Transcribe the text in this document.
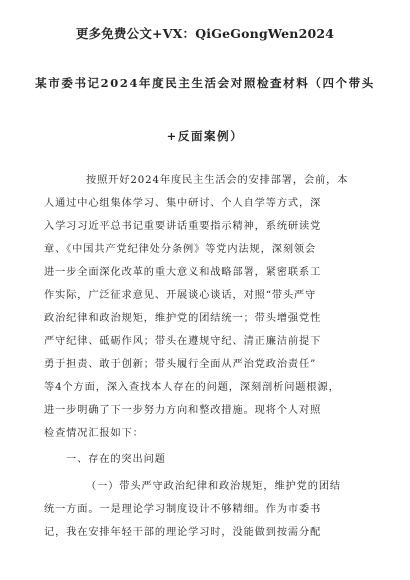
更多免费公文+VX：QiGeGongWen2024
某市委书记2024年度民主生活会对照检查材料（四个带头
+反面案例）
按照开好2024年度民主生活会的安排部署，会前，本
人通过中心组集体学习、集中研讨、个人自学等方式，深
入学习习近平总书记重要讲话重要指示精神，系统研读党
章、《中国共产党纪律处分条例》等党内法规，深刻领会
进一步全面深化改革的重大意义和战略部署，紧密联系工
作实际，广泛征求意见、开展谈心谈话，对照“带头严守
政治纪律和政治规矩，维护党的团结统一；带头增强党性
严守纪律、砥砺作风；带头在遵规守纪、清正廉洁前提下
勇于担责、敢于创新；带头履行全面从严治党政治责任”
等4个方面，深入查找本人存在的问题，深刻剖析问题根源，
进一步明确了下一步努力方向和整改措施。现将个人对照
检查情况汇报如下：
一、存在的突出问题
（一）带头严守政治纪律和政治规矩，维护党的团结
统一方面。一是理论学习制度设计不够精细。作为市委书
记，我在安排年轻干部的理论学习时，没能做到按需分配
